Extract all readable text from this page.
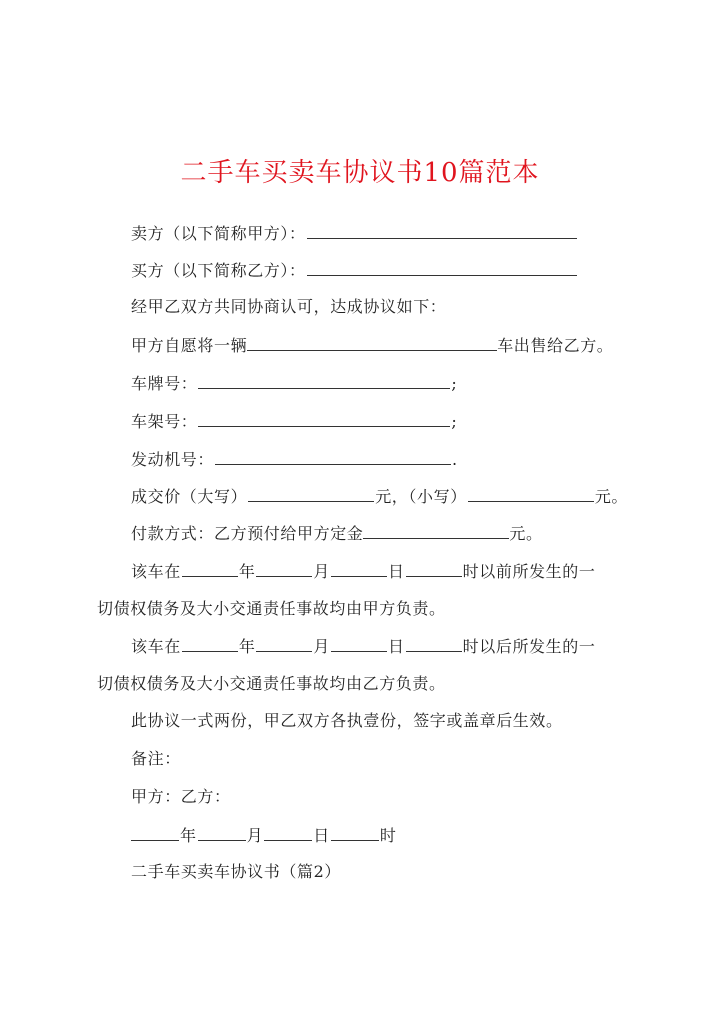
二手车买卖车协议书10篇范本
卖方（以下简称甲方）：
买方（以下简称乙方）：
经甲乙双方共同协商认可，达成协议如下：
甲方自愿将一辆	车出售给乙方。
车牌号：	;
车架号：	;
发动机号：	.
成交价（大写）	元，（小写）	元。
付款方式：乙方预付给甲方定金	元。
该车在	年	月	日	时以前所发生的一
切债权债务及大小交通责任事故均由甲方负责。
该车在	年	月	日	时以后所发生的一
切债权债务及大小交通责任事故均由乙方负责。
此协议一式两份，甲乙双方各执壹份，签字或盖章后生效。
备注：
甲方：乙方：
年	月	日	时
二手车买卖车协议书（篇2）
